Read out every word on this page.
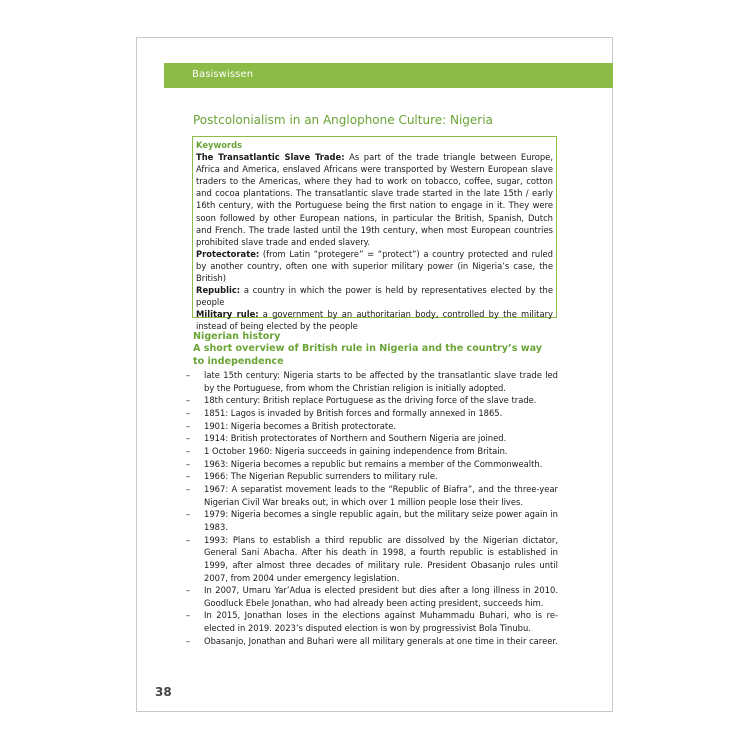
Basiswissen
Postcolonialism in an Anglophone Culture: Nigeria

Keywords

The Transatlantic Slave Trade: As part of the trade triangle between Europe, Africa and America, enslaved Africans were transported by Western European slave traders to the Americas, where they had to work on tobacco, coffee, sugar, cotton and cocoa plantations. The transatlantic slave trade started in the late 15th / early 16th century, with the Portuguese being the first nation to engage in it. They were soon followed by other European nations, in particular the British, Spanish, Dutch and French. The trade lasted until the 19th century, when most European countries prohibited slave trade and ended slavery.

Protectorate: (from Latin “protegere” = “protect”) a country protected and ruled by another country, often one with superior military power (in Nigeria’s case, the British)

Republic: a country in which the power is held by representatives elected by the people

Military rule: a government by an authoritarian body, controlled by the military instead of being elected by the people

Nigerian history
A short overview of British rule in Nigeria and the country’s way
to independence
–	late 15th century: Nigeria starts to be affected by the transatlantic slave trade led by the Portuguese, from whom the Christian religion is initially adopted.
–	18th century: British replace Portuguese as the driving force of the slave trade.
–	1851: Lagos is invaded by British forces and formally annexed in 1865.
–	1901: Nigeria becomes a British protectorate.
–	1914: British protectorates of Northern and Southern Nigeria are joined.
–	1 October 1960: Nigeria succeeds in gaining independence from Britain.
–	1963: Nigeria becomes a republic but remains a member of the Commonwealth.
–	1966: The Nigerian Republic surrenders to military rule.
–	1967: A separatist movement leads to the “Republic of Biafra”, and the three-year Nigerian Civil War breaks out, in which over 1 million people lose their lives.
–	1979: Nigeria becomes a single republic again, but the military seize power again in 1983.
–	1993: Plans to establish a third republic are dissolved by the Nigerian dictator, General Sani Abacha. After his death in 1998, a fourth republic is established in 1999, after almost three decades of military rule. President Obasanjo rules until 2007, from 2004 under emergency legislation.
–	In 2007, Umaru Yar’Adua is elected president but dies after a long illness in 2010. Goodluck Ebele Jonathan, who had already been acting president, succeeds him.
–	In 2015, Jonathan loses in the elections against Muhammadu Buhari, who is re-elected in 2019. 2023’s disputed election is won by progressivist Bola Tinubu.
–	Obasanjo, Jonathan and Buhari were all military generals at one time in their career.
38
